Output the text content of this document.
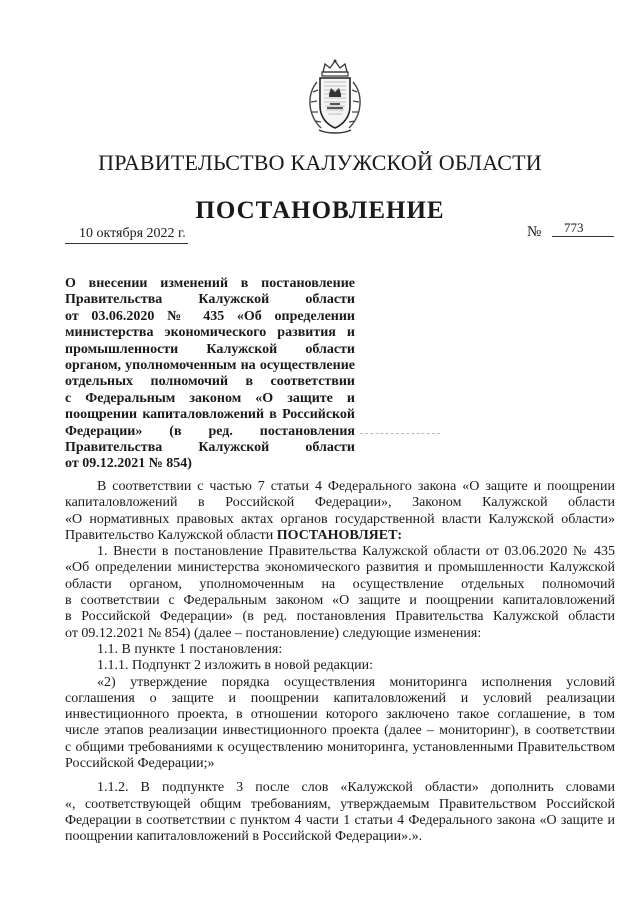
ПРАВИТЕЛЬСТВО КАЛУЖСКОЙ ОБЛАСТИ
ПОСТАНОВЛЕНИЕ
10 октября 2022 г.	№	773
О внесении изменений в постановление
Правительства Калужской области
от 03.06.2020 № 435 «Об определении
министерства экономического развития и
промышленности Калужской области
органом, уполномоченным на осуществление
отдельных полномочий в соответствии
с Федеральным законом «О защите и
поощрении капиталовложений в Российской
Федерации» (в ред. постановления
Правительства Калужской области
от 09.12.2021 № 854)

В соответствии с частью 7 статьи 4 Федерального закона «О защите и поощрении
капиталовложений в Российской Федерации», Законом Калужской области
«О нормативных правовых актах органов государственной власти Калужской области»
Правительство Калужской области ПОСТАНОВЛЯЕТ:

1. Внести в постановление Правительства Калужской области от 03.06.2020 № 435
«Об определении министерства экономического развития и промышленности Калужской
области органом, уполномоченным на осуществление отдельных полномочий
в соответствии с Федеральным законом «О защите и поощрении капиталовложений
в Российской Федерации» (в ред. постановления Правительства Калужской области
от 09.12.2021 № 854) (далее – постановление) следующие изменения:

1.1. В пункте 1 постановления:

1.1.1. Подпункт 2 изложить в новой редакции:

«2) утверждение порядка осуществления мониторинга исполнения условий
соглашения о защите и поощрении капиталовложений и условий реализации
инвестиционного проекта, в отношении которого заключено такое соглашение, в том
числе этапов реализации инвестиционного проекта (далее – мониторинг), в соответствии
с общими требованиями к осуществлению мониторинга, установленными Правительством
Российской Федерации;»

1.1.2. В подпункте 3 после слов «Калужской области» дополнить словами
«, соответствующей общим требованиям, утверждаемым Правительством Российской
Федерации в соответствии с пунктом 4 части 1 статьи 4 Федерального закона «О защите и
поощрении капиталовложений в Российской Федерации».».
